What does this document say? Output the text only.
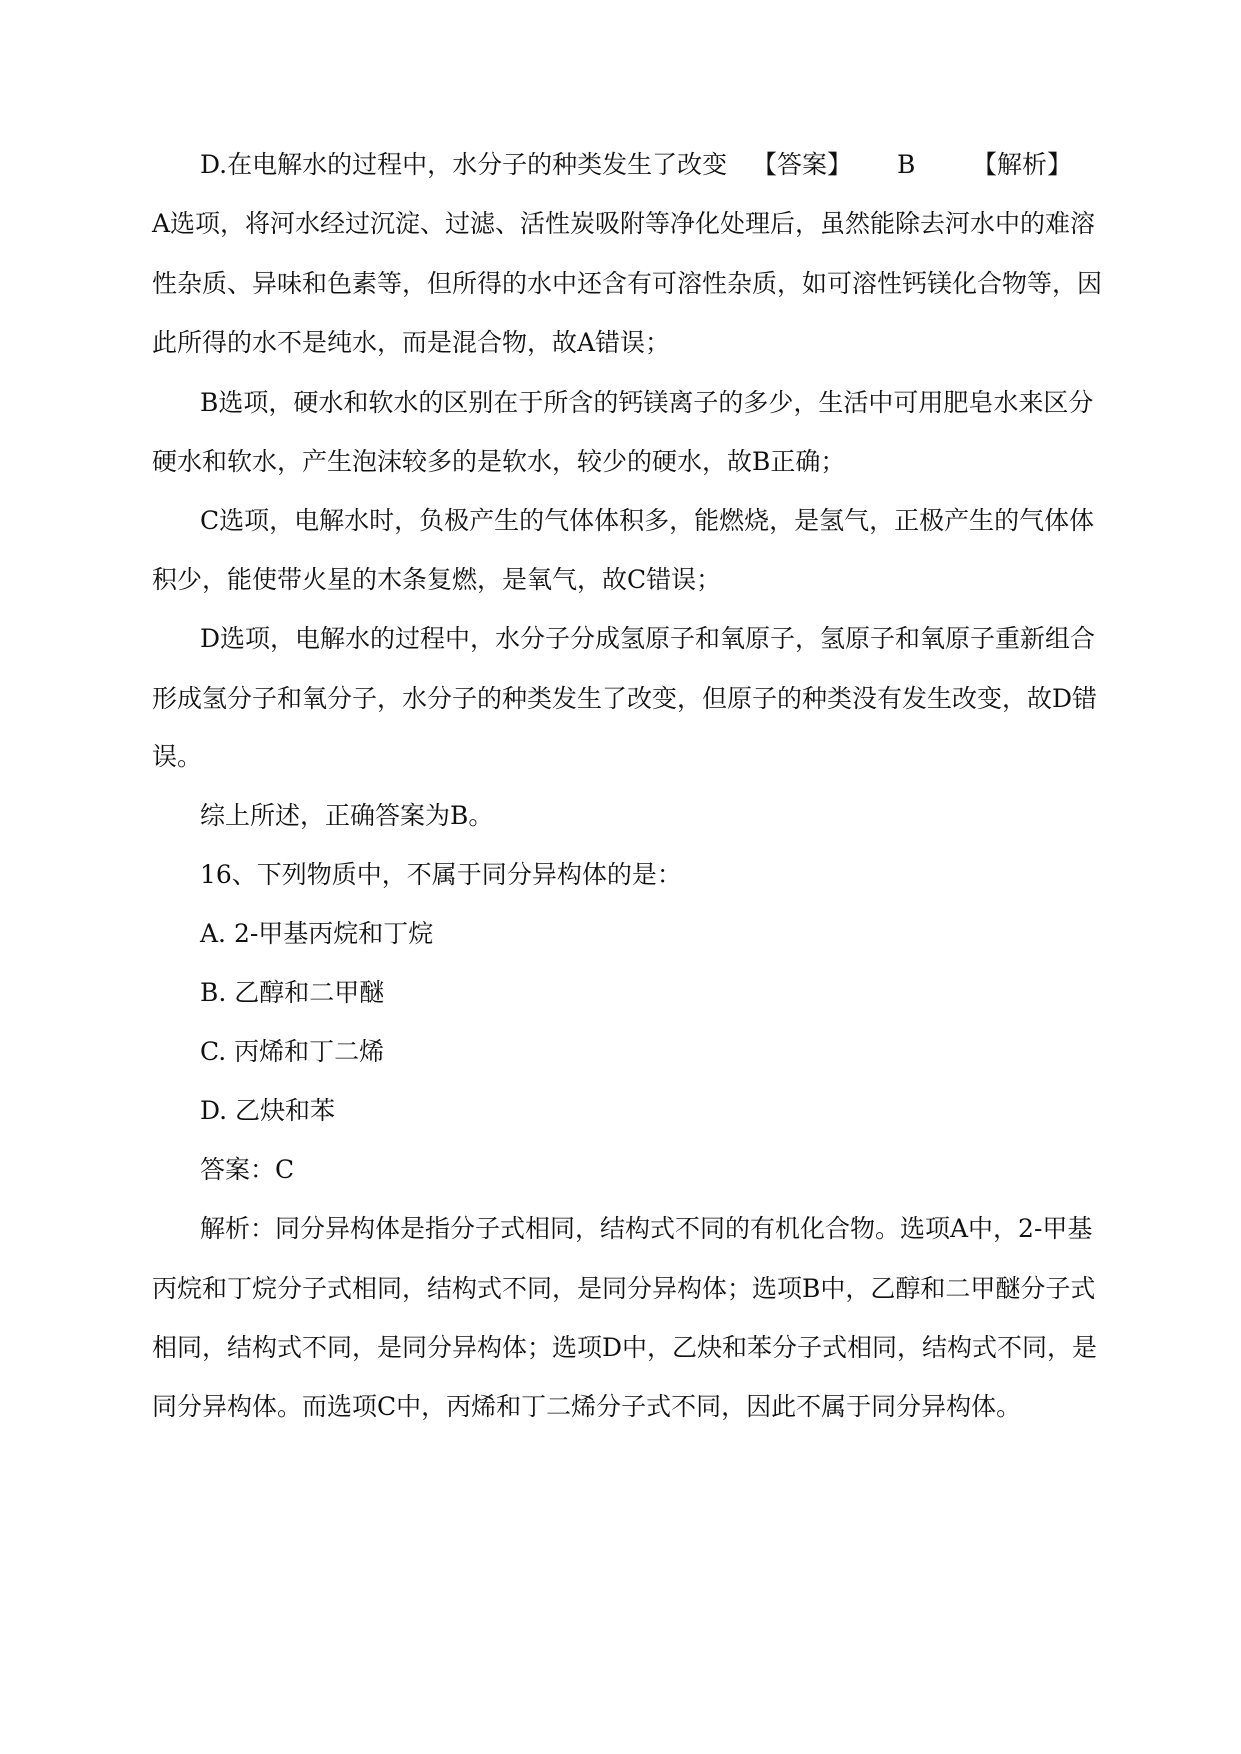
D.在电解水的过程中，水分子的种类发生了改变 【答案】 B 【解析】
A选项，将河水经过沉淀、过滤、活性炭吸附等净化处理后，虽然能除去河水中的难溶
性杂质、异味和色素等，但所得的水中还含有可溶性杂质，如可溶性钙镁化合物等，因
此所得的水不是纯水，而是混合物，故A错误；
B选项，硬水和软水的区别在于所含的钙镁离子的多少，生活中可用肥皂水来区分
硬水和软水，产生泡沫较多的是软水，较少的硬水，故B正确；
C选项，电解水时，负极产生的气体体积多，能燃烧，是氢气，正极产生的气体体
积少，能使带火星的木条复燃，是氧气，故C错误；
D选项，电解水的过程中，水分子分成氢原子和氧原子，氢原子和氧原子重新组合
形成氢分子和氧分子，水分子的种类发生了改变，但原子的种类没有发生改变，故D错
误。
综上所述，正确答案为B。
16、下列物质中，不属于同分异构体的是：
A. 2-甲基丙烷和丁烷
B. 乙醇和二甲醚
C. 丙烯和丁二烯
D. 乙炔和苯
答案：C
解析：同分异构体是指分子式相同，结构式不同的有机化合物。选项A中，2-甲基
丙烷和丁烷分子式相同，结构式不同，是同分异构体；选项B中，乙醇和二甲醚分子式
相同，结构式不同，是同分异构体；选项D中，乙炔和苯分子式相同，结构式不同，是
同分异构体。而选项C中，丙烯和丁二烯分子式不同，因此不属于同分异构体。
